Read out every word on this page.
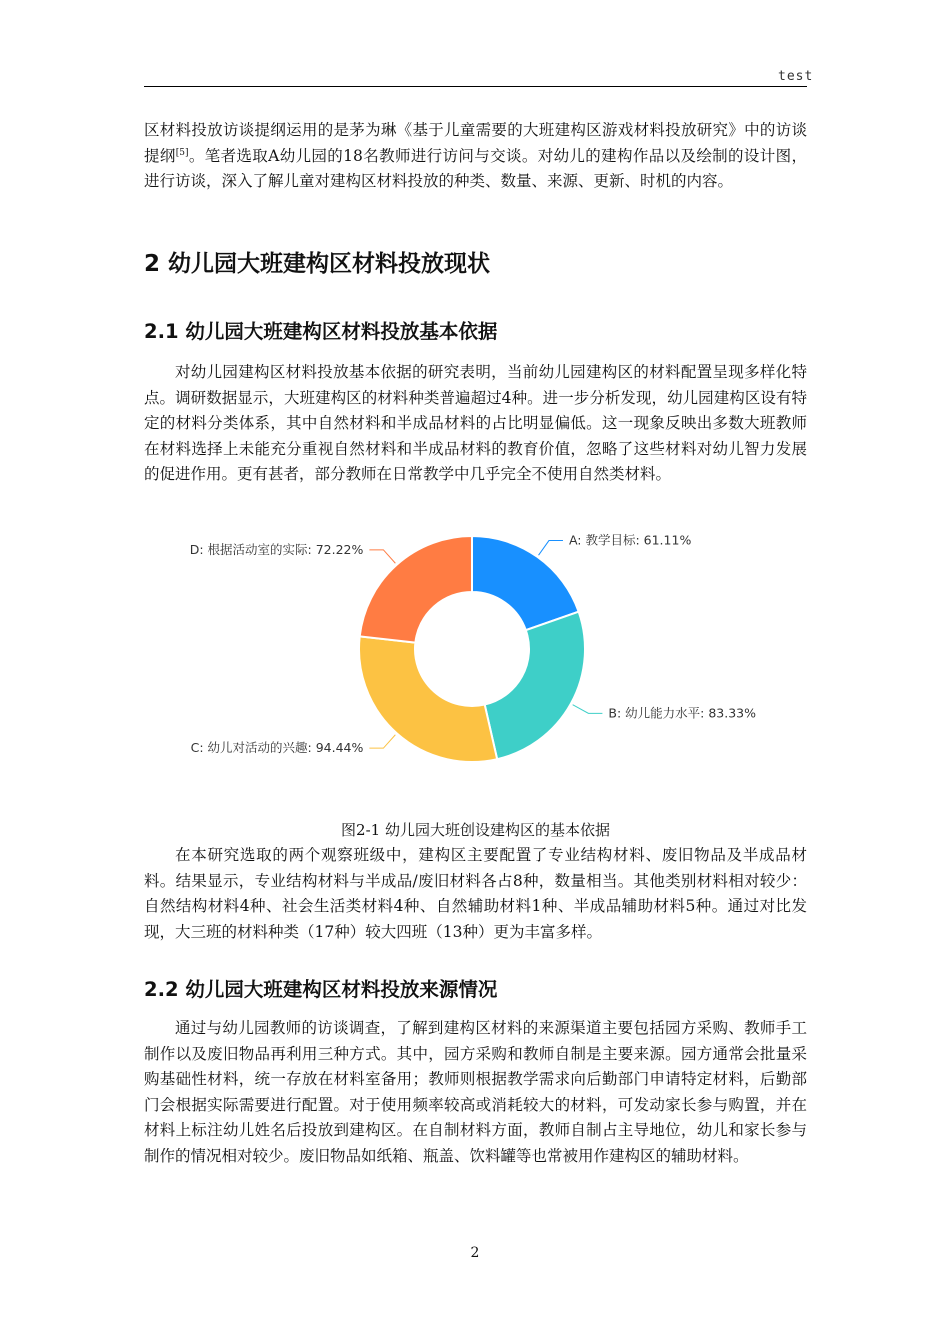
test

区材料投放访谈提纲运用的是茅为琳《基于儿童需要的大班建构区游戏材料投放研究》中的访谈提纲[5]。笔者选取A幼儿园的18名教师进行访问与交谈。对幼儿的建构作品以及绘制的设计图，进行访谈，深入了解儿童对建构区材料投放的种类、数量、来源、更新、时机的内容。

2 幼儿园大班建构区材料投放现状
2.1 幼儿园大班建构区材料投放基本依据

对幼儿园建构区材料投放基本依据的研究表明，当前幼儿园建构区的材料配置呈现多样化特点。调研数据显示，大班建构区的材料种类普遍超过4种。进一步分析发现，幼儿园建构区设有特定的材料分类体系，其中自然材料和半成品材料的占比明显偏低。这一现象反映出多数大班教师在材料选择上未能充分重视自然材料和半成品材料的教育价值，忽略了这些材料对幼儿智力发展的促进作用。更有甚者，部分教师在日常教学中几乎完全不使用自然类材料。

A: 教学目标: 61.11%
B: 幼儿能力水平: 83.33%
C: 幼儿对活动的兴趣: 94.44%
D: 根据活动室的实际: 72.22%

图2-1 幼儿园大班创设建构区的基本依据

在本研究选取的两个观察班级中，建构区主要配置了专业结构材料、废旧物品及半成品材料。结果显示，专业结构材料与半成品/废旧材料各占8种，数量相当。其他类别材料相对较少：自然结构材料4种、社会生活类材料4种、自然辅助材料1种、半成品辅助材料5种。通过对比发现，大三班的材料种类（17种）较大四班（13种）更为丰富多样。

2.2 幼儿园大班建构区材料投放来源情况

通过与幼儿园教师的访谈调查，了解到建构区材料的来源渠道主要包括园方采购、教师手工制作以及废旧物品再利用三种方式。其中，园方采购和教师自制是主要来源。园方通常会批量采购基础性材料，统一存放在材料室备用；教师则根据教学需求向后勤部门申请特定材料，后勤部门会根据实际需要进行配置。对于使用频率较高或消耗较大的材料，可发动家长参与购置，并在材料上标注幼儿姓名后投放到建构区。在自制材料方面，教师自制占主导地位，幼儿和家长参与制作的情况相对较少。废旧物品如纸箱、瓶盖、饮料罐等也常被用作建构区的辅助材料。

2
